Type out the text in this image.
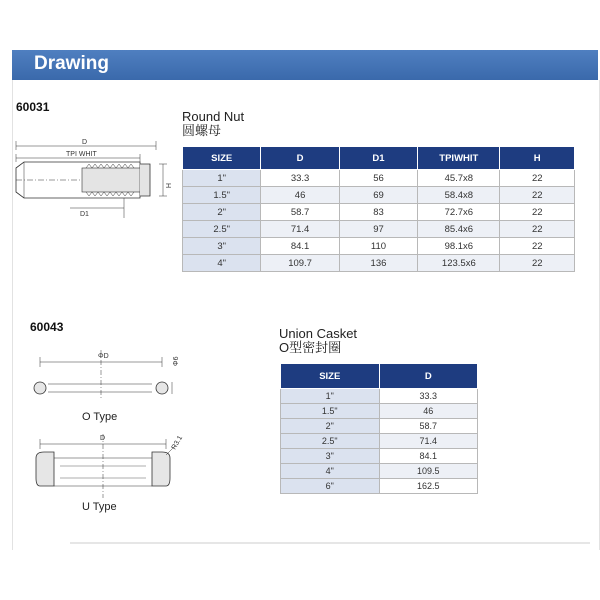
Drawing
60031
Round Nut
圆螺母
SIZE	D	D1	TPIWHIT	H
1"	33.3	56	45.7x8	22
1.5"	46	69	58.4x8	22
2"	58.7	83	72.7x6	22
2.5"	71.4	97	85.4x6	22
3"	84.1	110	98.1x6	22
4"	109.7	136	123.5x6	22
60043	Union Casket
O型密封圈
SIZE	D
1"	33.3
1.5"	46
2"	58.7
2.5"	71.4
3"	84.1
4"	109.5
6"	162.5
D
TPI WHIT
H
D1
ΦD
Φ6
O Type
D	R3.1
U Type
